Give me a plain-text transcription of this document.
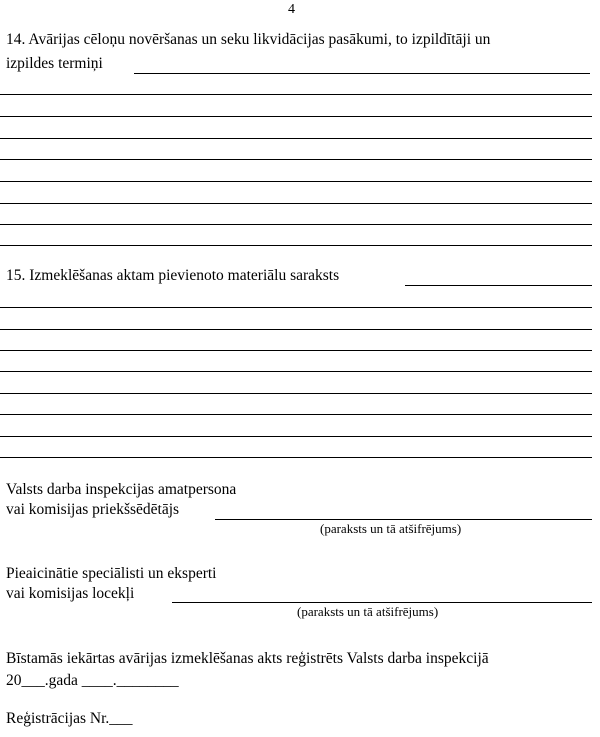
4
14. Avārijas cēloņu novēršanas un seku likvidācijas pasākumi, to izpildītāji un
izpildes termiņi
15. Izmeklēšanas aktam pievienoto materiālu saraksts
Valsts darba inspekcijas amatpersona
vai komisijas priekšsēdētājs
(paraksts un tā atšifrējums)
Pieaicinātie speciālisti un eksperti
vai komisijas locekļi
(paraksts un tā atšifrējums)
Bīstamās iekārtas avārijas izmeklēšanas akts reģistrēts Valsts darba inspekcijā
20___.gada ____.________
Reģistrācijas Nr.___
